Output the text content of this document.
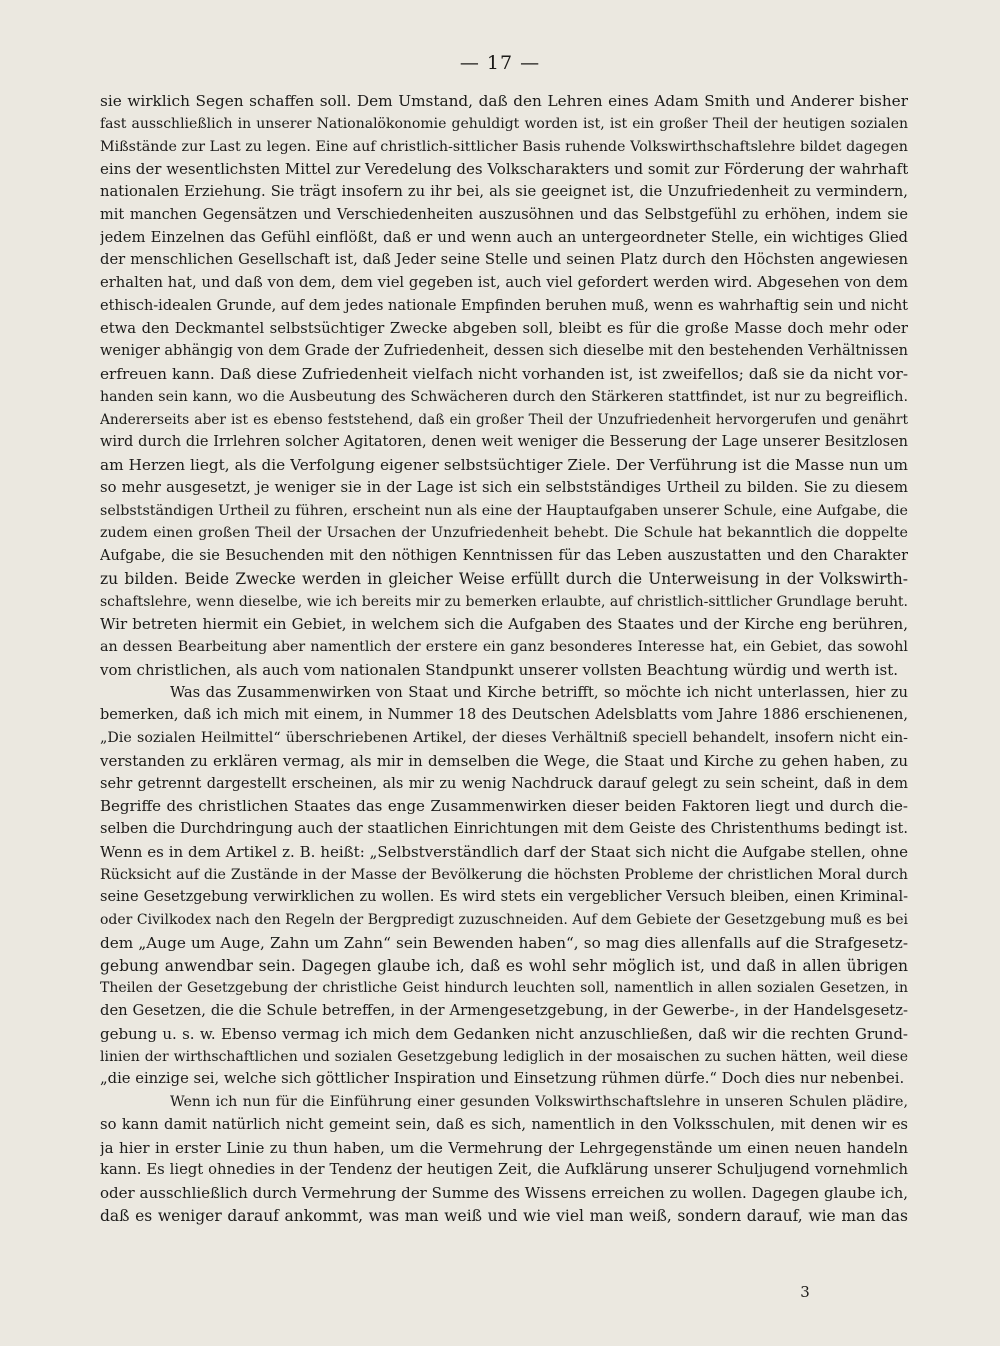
— 17 —
sie wirklich Segen schaffen soll. Dem Umstand, daß den Lehren eines Adam Smith und Anderer bisher
fast ausschließlich in unserer Nationalökonomie gehuldigt worden ist, ist ein großer Theil der heutigen sozialen
Mißstände zur Last zu legen. Eine auf christlich-sittlicher Basis ruhende Volkswirthschaftslehre bildet dagegen
eins der wesentlichsten Mittel zur Veredelung des Volkscharakters und somit zur Förderung der wahrhaft
nationalen Erziehung. Sie trägt insofern zu ihr bei, als sie geeignet ist, die Unzufriedenheit zu vermindern,
mit manchen Gegensätzen und Verschiedenheiten auszusöhnen und das Selbstgefühl zu erhöhen, indem sie
jedem Einzelnen das Gefühl einflößt, daß er und wenn auch an untergeordneter Stelle, ein wichtiges Glied
der menschlichen Gesellschaft ist, daß Jeder seine Stelle und seinen Platz durch den Höchsten angewiesen
erhalten hat, und daß von dem, dem viel gegeben ist, auch viel gefordert werden wird. Abgesehen von dem
ethisch-idealen Grunde, auf dem jedes nationale Empfinden beruhen muß, wenn es wahrhaftig sein und nicht
etwa den Deckmantel selbstsüchtiger Zwecke abgeben soll, bleibt es für die große Masse doch mehr oder
weniger abhängig von dem Grade der Zufriedenheit, dessen sich dieselbe mit den bestehenden Verhältnissen
erfreuen kann. Daß diese Zufriedenheit vielfach nicht vorhanden ist, ist zweifellos; daß sie da nicht vor-
handen sein kann, wo die Ausbeutung des Schwächeren durch den Stärkeren stattfindet, ist nur zu begreiflich.
Andererseits aber ist es ebenso feststehend, daß ein großer Theil der Unzufriedenheit hervorgerufen und genährt
wird durch die Irrlehren solcher Agitatoren, denen weit weniger die Besserung der Lage unserer Besitzlosen
am Herzen liegt, als die Verfolgung eigener selbstsüchtiger Ziele. Der Verführung ist die Masse nun um
so mehr ausgesetzt, je weniger sie in der Lage ist sich ein selbstständiges Urtheil zu bilden. Sie zu diesem
selbstständigen Urtheil zu führen, erscheint nun als eine der Hauptaufgaben unserer Schule, eine Aufgabe, die
zudem einen großen Theil der Ursachen der Unzufriedenheit behebt. Die Schule hat bekanntlich die doppelte
Aufgabe, die sie Besuchenden mit den nöthigen Kenntnissen für das Leben auszustatten und den Charakter
zu bilden. Beide Zwecke werden in gleicher Weise erfüllt durch die Unterweisung in der Volkswirth-
schaftslehre, wenn dieselbe, wie ich bereits mir zu bemerken erlaubte, auf christlich-sittlicher Grundlage beruht.
Wir betreten hiermit ein Gebiet, in welchem sich die Aufgaben des Staates und der Kirche eng berühren,
an dessen Bearbeitung aber namentlich der erstere ein ganz besonderes Interesse hat, ein Gebiet, das sowohl
vom christlichen, als auch vom nationalen Standpunkt unserer vollsten Beachtung würdig und werth ist.
Was das Zusammenwirken von Staat und Kirche betrifft, so möchte ich nicht unterlassen, hier zu
bemerken, daß ich mich mit einem, in Nummer 18 des Deutschen Adelsblatts vom Jahre 1886 erschienenen,
„Die sozialen Heilmittel“ überschriebenen Artikel, der dieses Verhältniß speciell behandelt, insofern nicht ein-
verstanden zu erklären vermag, als mir in demselben die Wege, die Staat und Kirche zu gehen haben, zu
sehr getrennt dargestellt erscheinen, als mir zu wenig Nachdruck darauf gelegt zu sein scheint, daß in dem
Begriffe des christlichen Staates das enge Zusammenwirken dieser beiden Faktoren liegt und durch die-
selben die Durchdringung auch der staatlichen Einrichtungen mit dem Geiste des Christenthums bedingt ist.
Wenn es in dem Artikel z. B. heißt: „Selbstverständlich darf der Staat sich nicht die Aufgabe stellen, ohne
Rücksicht auf die Zustände in der Masse der Bevölkerung die höchsten Probleme der christlichen Moral durch
seine Gesetzgebung verwirklichen zu wollen. Es wird stets ein vergeblicher Versuch bleiben, einen Kriminal-
oder Civilkodex nach den Regeln der Bergpredigt zuzuschneiden. Auf dem Gebiete der Gesetzgebung muß es bei
dem „Auge um Auge, Zahn um Zahn“ sein Bewenden haben“, so mag dies allenfalls auf die Strafgesetz-
gebung anwendbar sein. Dagegen glaube ich, daß es wohl sehr möglich ist, und daß in allen übrigen
Theilen der Gesetzgebung der christliche Geist hindurch leuchten soll, namentlich in allen sozialen Gesetzen, in
den Gesetzen, die die Schule betreffen, in der Armengesetzgebung, in der Gewerbe-, in der Handelsgesetz-
gebung u. s. w. Ebenso vermag ich mich dem Gedanken nicht anzuschließen, daß wir die rechten Grund-
linien der wirthschaftlichen und sozialen Gesetzgebung lediglich in der mosaischen zu suchen hätten, weil diese
„die einzige sei, welche sich göttlicher Inspiration und Einsetzung rühmen dürfe.“ Doch dies nur nebenbei.
Wenn ich nun für die Einführung einer gesunden Volkswirthschaftslehre in unseren Schulen plädire,
so kann damit natürlich nicht gemeint sein, daß es sich, namentlich in den Volksschulen, mit denen wir es
ja hier in erster Linie zu thun haben, um die Vermehrung der Lehrgegenstände um einen neuen handeln
kann. Es liegt ohnedies in der Tendenz der heutigen Zeit, die Aufklärung unserer Schuljugend vornehmlich
oder ausschließlich durch Vermehrung der Summe des Wissens erreichen zu wollen. Dagegen glaube ich,
daß es weniger darauf ankommt, was man weiß und wie viel man weiß, sondern darauf, wie man das
3
